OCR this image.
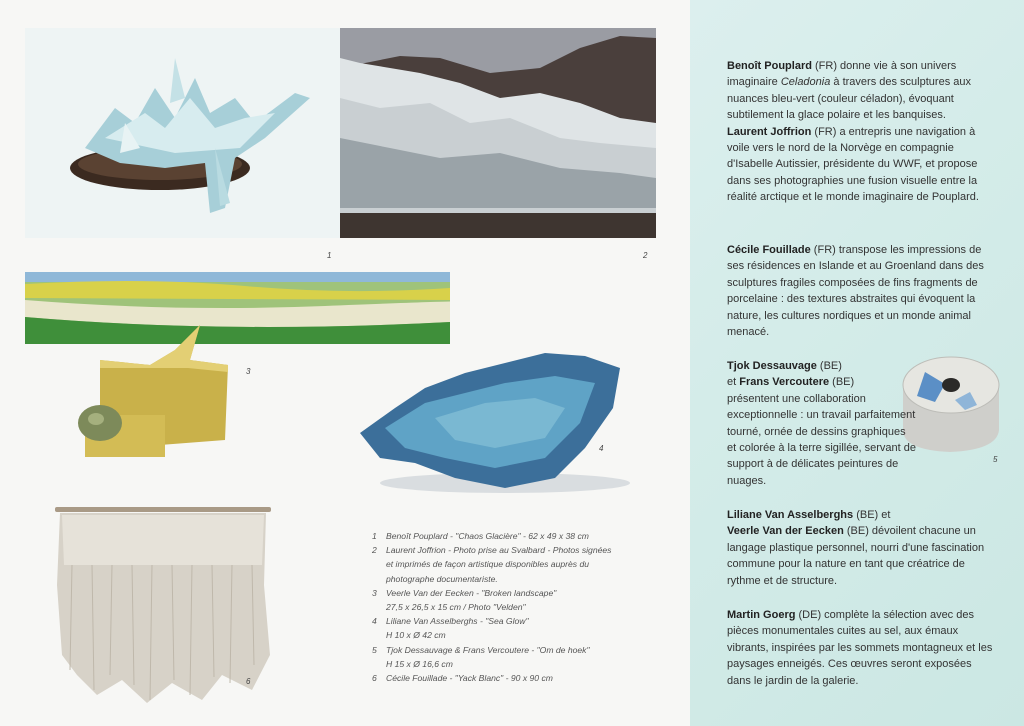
1	2
3
4
5
6
1	Benoît Pouplard - "Chaos Glacière" - 62 x 49 x 38 cm
2	Laurent Joffrion - Photo prise au Svalbard - Photos signées
et imprimés de façon artistique disponibles auprès du
photographe documentariste.
3	Veerle Van der Eecken - "Broken landscape"
27,5 x 26,5 x 15 cm / Photo "Velden"
4	Liliane Van Asselberghs - "Sea Glow"
H 10 x Ø 42 cm
5	Tjok Dessauvage & Frans Vercoutere - "Om de hoek"
H 15 x Ø 16,6 cm
6	Cécile Fouillade - "Yack Blanc" - 90 x 90 cm
Benoît Pouplard (FR) donne vie à son univers imaginaire Celadonia à travers des sculptures aux nuances bleu-vert (couleur céladon), évoquant subtilement la glace polaire et les banquises.
Laurent Joffrion (FR) a entrepris une navigation à voile vers le nord de la Norvège en compagnie d'Isabelle Autissier, présidente du WWF, et propose dans ses photographies une fusion visuelle entre la réalité arctique et le monde imaginaire de Pouplard.
Cécile Fouillade (FR) transpose les impressions de ses résidences en Islande et au Groenland dans des sculptures fragiles composées de fins fragments de porcelaine : des textures abstraites qui évoquent la nature, les cultures nordiques et un monde animal menacé.
Tjok Dessauvage (BE)
et Frans Vercoutere (BE)
présentent une collaboration exceptionnelle : un travail parfaitement tourné, ornée de dessins graphiques et colorée à la terre sigillée, servant de support à de délicates peintures de nuages.
Liliane Van Asselberghs (BE) et
Veerle Van der Eecken (BE) dévoilent chacune un langage plastique personnel, nourri d'une fascination commune pour la nature en tant que créatrice de rythme et de structure.
Martin Goerg (DE) complète la sélection avec des pièces monumentales cuites au sel, aux émaux vibrants, inspirées par les sommets montagneux et les paysages enneigés. Ces œuvres seront exposées dans le jardin de la galerie.
